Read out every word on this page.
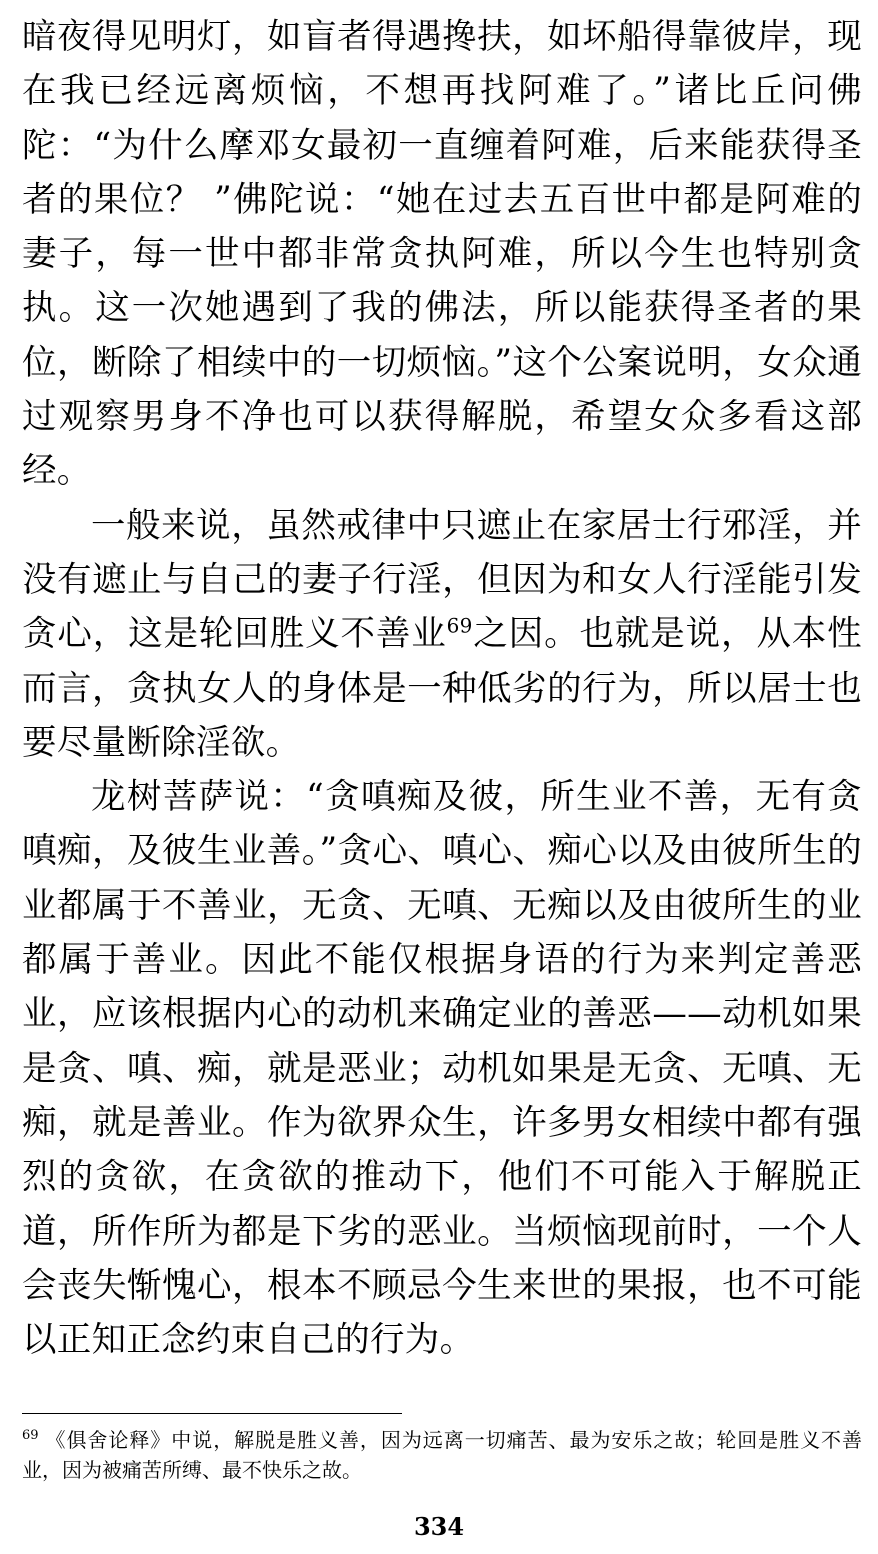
暗夜得见明灯，如盲者得遇搀扶，如坏船得靠彼岸，现在我已经远离烦恼，不想再找阿难了。”诸比丘问佛陀：“为什么摩邓女最初一直缠着阿难，后来能获得圣者的果位？ ”佛陀说：“她在过去五百世中都是阿难的妻子，每一世中都非常贪执阿难，所以今生也特别贪执。这一次她遇到了我的佛法，所以能获得圣者的果位，断除了相续中的一切烦恼。”这个公案说明，女众通过观察男身不净也可以获得解脱，希望女众多看这部经。

一般来说，虽然戒律中只遮止在家居士行邪淫，并没有遮止与自己的妻子行淫，但因为和女人行淫能引发贪心，这是轮回胜义不善业$^{69}$之因。也就是说，从本性而言，贪执女人的身体是一种低劣的行为，所以居士也要尽量断除淫欲。

龙树菩萨说：“贪嗔痴及彼，所生业不善，无有贪嗔痴，及彼生业善。”贪心、嗔心、痴心以及由彼所生的业都属于不善业，无贪、无嗔、无痴以及由彼所生的业都属于善业。因此不能仅根据身语的行为来判定善恶业，应该根据内心的动机来确定业的善恶——动机如果是贪、嗔、痴，就是恶业；动机如果是无贪、无嗔、无痴，就是善业。作为欲界众生，许多男女相续中都有强烈的贪欲，在贪欲的推动下，他们不可能入于解脱正道，所作所为都是下劣的恶业。当烦恼现前时，一个人会丧失惭愧心，根本不顾忌今生来世的果报，也不可能以正知正念约束自己的行为。

$^{69}$ 《俱舍论释》中说，解脱是胜义善，因为远离一切痛苦、最为安乐之故；轮回是胜义不善业，因为被痛苦所缚、最不快乐之故。
334
